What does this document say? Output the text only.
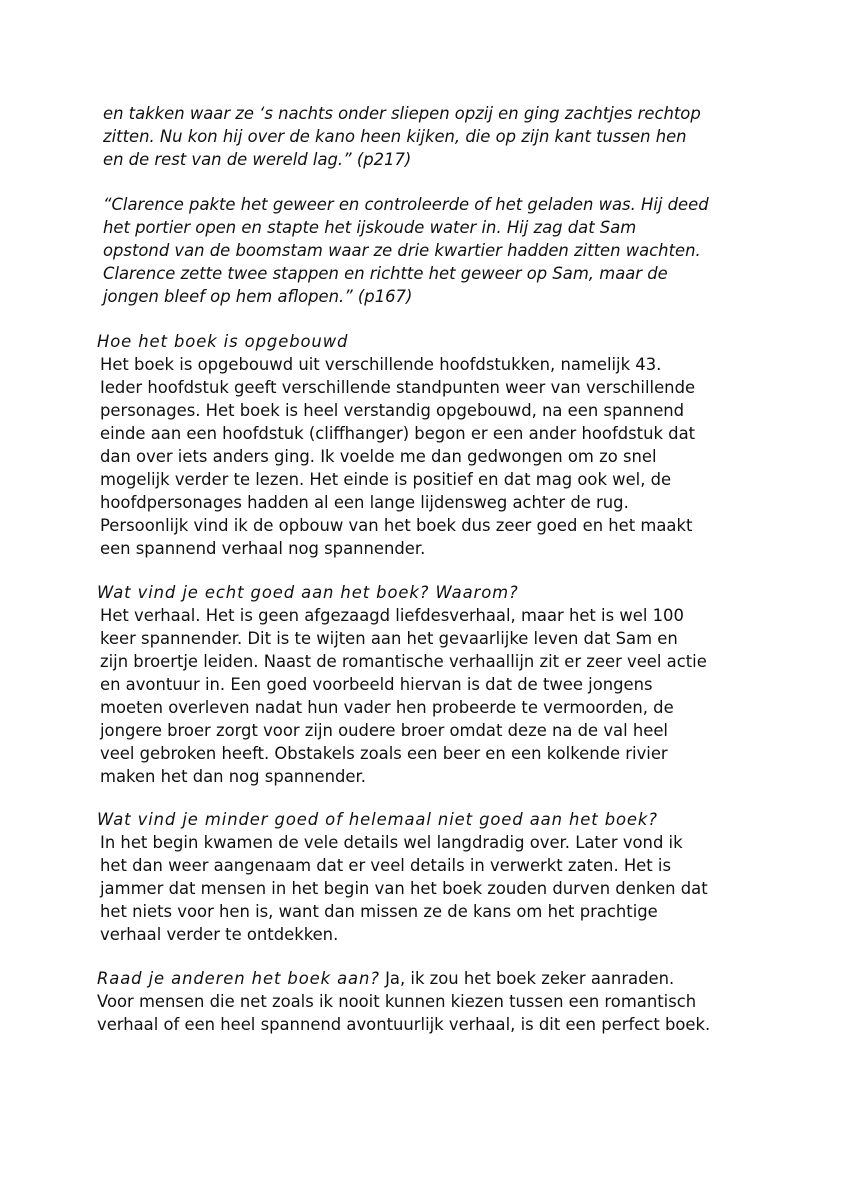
en takken waar ze ‘s nachts onder sliepen opzij en ging zachtjes rechtop
zitten. Nu kon hij over de kano heen kijken, die op zijn kant tussen hen
en de rest van de wereld lag.” (p217)
“Clarence pakte het geweer en controleerde of het geladen was. Hij deed
het portier open en stapte het ijskoude water in. Hij zag dat Sam
opstond van de boomstam waar ze drie kwartier hadden zitten wachten.
Clarence zette twee stappen en richtte het geweer op Sam, maar de
jongen bleef op hem aflopen.” (p167)
Hoe het boek is opgebouwd
Het boek is opgebouwd uit verschillende hoofdstukken, namelijk 43.
Ieder hoofdstuk geeft verschillende standpunten weer van verschillende
personages. Het boek is heel verstandig opgebouwd, na een spannend
einde aan een hoofdstuk (cliffhanger) begon er een ander hoofdstuk dat
dan over iets anders ging. Ik voelde me dan gedwongen om zo snel
mogelijk verder te lezen. Het einde is positief en dat mag ook wel, de
hoofdpersonages hadden al een lange lijdensweg achter de rug.
Persoonlijk vind ik de opbouw van het boek dus zeer goed en het maakt
een spannend verhaal nog spannender.
Wat vind je echt goed aan het boek? Waarom?
Het verhaal. Het is geen afgezaagd liefdesverhaal, maar het is wel 100
keer spannender. Dit is te wijten aan het gevaarlijke leven dat Sam en
zijn broertje leiden. Naast de romantische verhaallijn zit er zeer veel actie
en avontuur in. Een goed voorbeeld hiervan is dat de twee jongens
moeten overleven nadat hun vader hen probeerde te vermoorden, de
jongere broer zorgt voor zijn oudere broer omdat deze na de val heel
veel gebroken heeft. Obstakels zoals een beer en een kolkende rivier
maken het dan nog spannender.
Wat vind je minder goed of helemaal niet goed aan het boek?
In het begin kwamen de vele details wel langdradig over. Later vond ik
het dan weer aangenaam dat er veel details in verwerkt zaten. Het is
jammer dat mensen in het begin van het boek zouden durven denken dat
het niets voor hen is, want dan missen ze de kans om het prachtige
verhaal verder te ontdekken.
Raad je anderen het boek aan? Ja, ik zou het boek zeker aanraden.
Voor mensen die net zoals ik nooit kunnen kiezen tussen een romantisch
verhaal of een heel spannend avontuurlijk verhaal, is dit een perfect boek.
